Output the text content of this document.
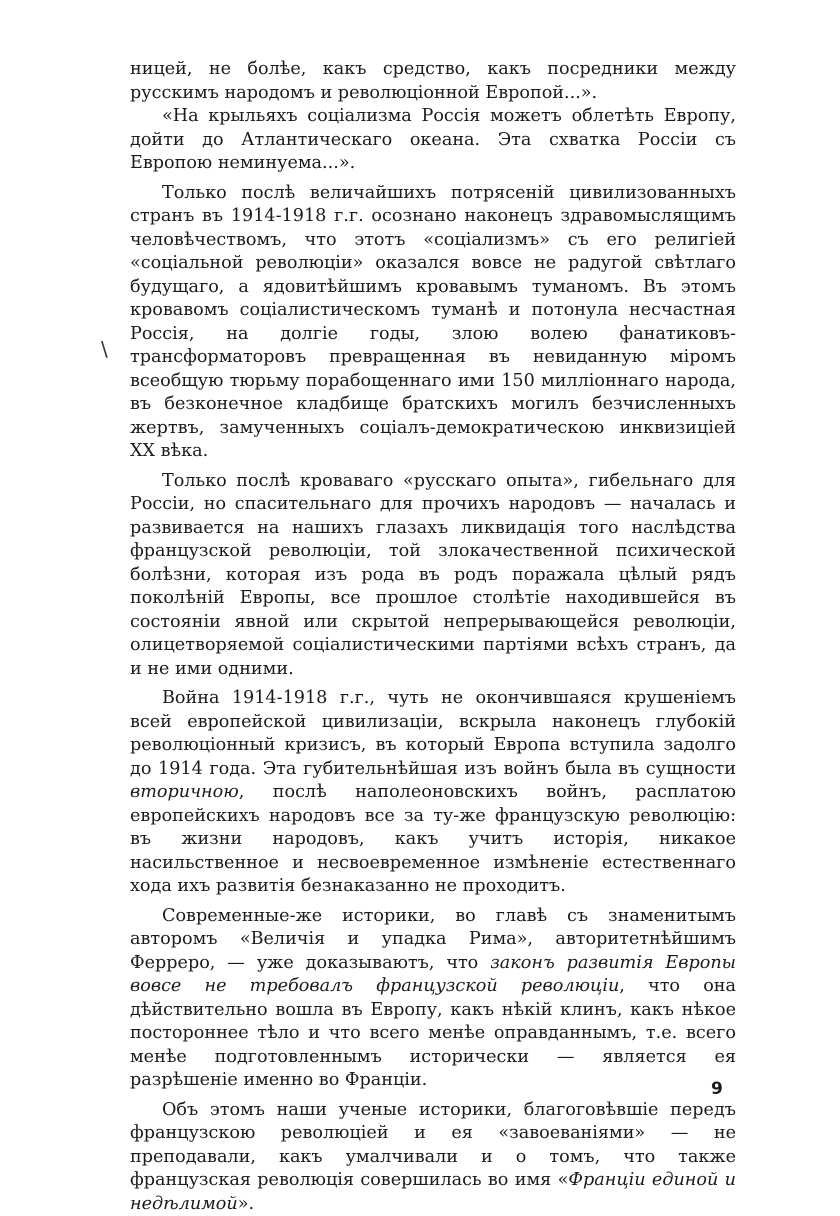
ницей, не болѣе, какъ средство, какъ посредники между русскимъ народомъ и революціонной Европой...».

«На крыльяхъ соціализма Россія можетъ облетѣть Европу, дойти до Атлантическаго океана. Эта схватка Россіи съ Европою неминуема...».

Только послѣ величайшихъ потрясеній цивилизованныхъ странъ въ 1914-1918 г.г. осознано наконецъ здравомыслящимъ человѣчествомъ, что этотъ «соціализмъ» съ его религіей «соціальной революціи» оказался вовсе не радугой свѣтлаго будущаго, а ядовитѣйшимъ кровавымъ туманомъ. Въ этомъ кровавомъ соціалистическомъ туманѣ и потонула несчастная Россія, на долгіе годы, злою волею фанатиковъ-трансформаторовъ превращенная въ невиданную міромъ всеобщую тюрьму порабощеннаго ими 150 милліоннаго народа, въ безконечное кладбище братскихъ могилъ безчисленныхъ жертвъ, замученныхъ соціалъ-демократическою инквизиціей XX вѣка.

Только послѣ кроваваго «русскаго опыта», гибельнаго для Россіи, но спасительнаго для прочихъ народовъ — началась и развивается на нашихъ глазахъ ликвидація того наслѣдства французской революціи, той злокачественной психической болѣзни, которая изъ рода въ родъ поражала цѣлый рядъ поколѣній Европы, все прошлое столѣтіе находившейся въ состояніи явной или скрытой непрерывающейся революціи, олицетворяемой соціалистическими партіями всѣхъ странъ, да и не ими одними.

Война 1914-1918 г.г., чуть не окончившаяся крушеніемъ всей европейской цивилизаціи, вскрыла наконецъ глубокій революціонный кризисъ, въ который Европа вступила задолго до 1914 года. Эта губительнѣйшая изъ войнъ была въ сущности вторичною, послѣ наполеоновскихъ войнъ, расплатою европейскихъ народовъ все за ту-же французскую революцію: въ жизни народовъ, какъ учитъ исторія, никакое насильственное и несвоевременное измѣненіе естественнаго хода ихъ развитія безнаказанно не проходитъ.

Современные-же историки, во главѣ съ знаменитымъ авторомъ «Величія и упадка Рима», авторитетнѣйшимъ Ферреро, — уже доказываютъ, что законъ развитія Европы вовсе не требовалъ французской революціи, что она дѣйствительно вошла въ Европу, какъ нѣкій клинъ, какъ нѣкое постороннее тѣло и что всего менѣе оправданнымъ, т.е. всего менѣе подготовленнымъ исторически — является ея разрѣшеніе именно во Франціи.

Объ этомъ наши ученые историки, благоговѣвшіе передъ французскою революціей и ея «завоеваніями» — не преподавали, какъ умалчивали и о томъ, что также французская революція совершилась во имя «Франціи единой и недѣлимой».

\
9
